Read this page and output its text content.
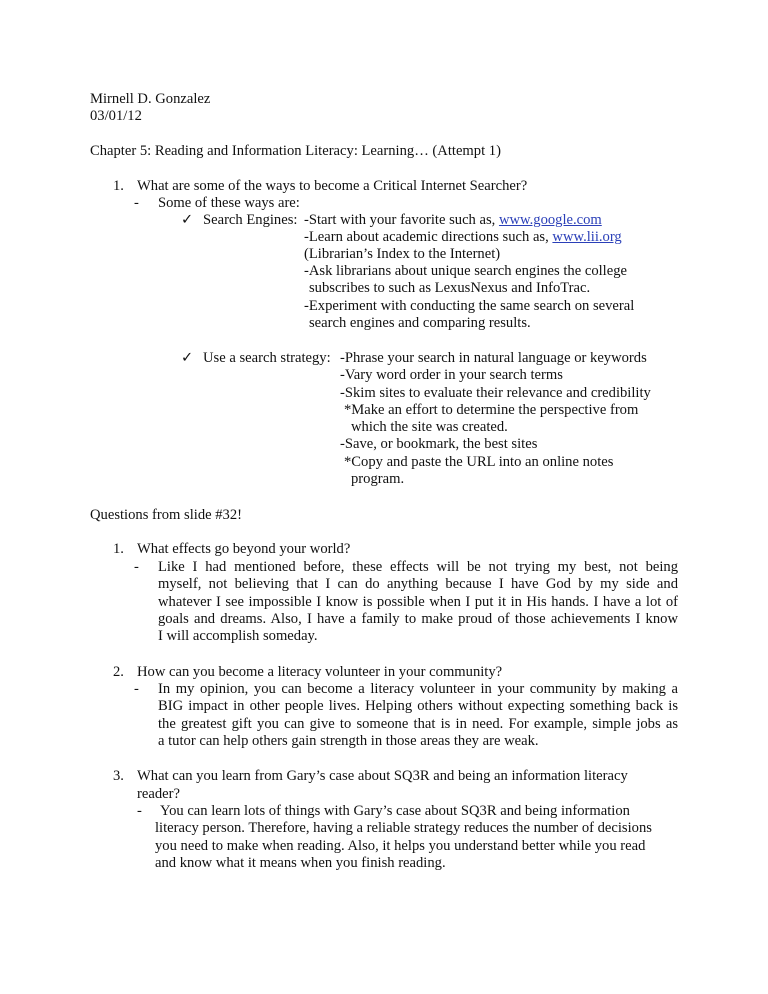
Mirnell D. Gonzalez
03/01/12
Chapter 5: Reading and Information Literacy: Learning… (Attempt 1)
1. What are some of the ways to become a Critical Internet Searcher?
- Some of these ways are:
✓ Search Engines: -Start with your favorite such as, www.google.com
-Learn about academic directions such as, www.lii.org
(Librarian’s Index to the Internet)
-Ask librarians about unique search engines the college
subscribes to such as LexusNexus and InfoTrac.
-Experiment with conducting the same search on several
search engines and comparing results.
✓ Use a search strategy: -Phrase your search in natural language or keywords
-Vary word order in your search terms
-Skim sites to evaluate their relevance and credibility
*Make an effort to determine the perspective from
which the site was created.
-Save, or bookmark, the best sites
*Copy and paste the URL into an online notes
program.
Questions from slide #32!
1. What effects go beyond your world?
- Like I had mentioned before, these effects will be not trying my best, not being
myself, not believing that I can do anything because I have God by my side and
whatever I see impossible I know is possible when I put it in His hands. I have a lot of
goals and dreams. Also, I have a family to make proud of those achievements I know
I will accomplish someday.
2. How can you become a literacy volunteer in your community?
- In my opinion, you can become a literacy volunteer in your community by making a
BIG impact in other people lives. Helping others without expecting something back is
the greatest gift you can give to someone that is in need. For example, simple jobs as
a tutor can help others gain strength in those areas they are weak.
3. What can you learn from Gary’s case about SQ3R and being an information literacy
reader?
- You can learn lots of things with Gary’s case about SQ3R and being information
literacy person. Therefore, having a reliable strategy reduces the number of decisions
you need to make when reading. Also, it helps you understand better while you read
and know what it means when you finish reading.
